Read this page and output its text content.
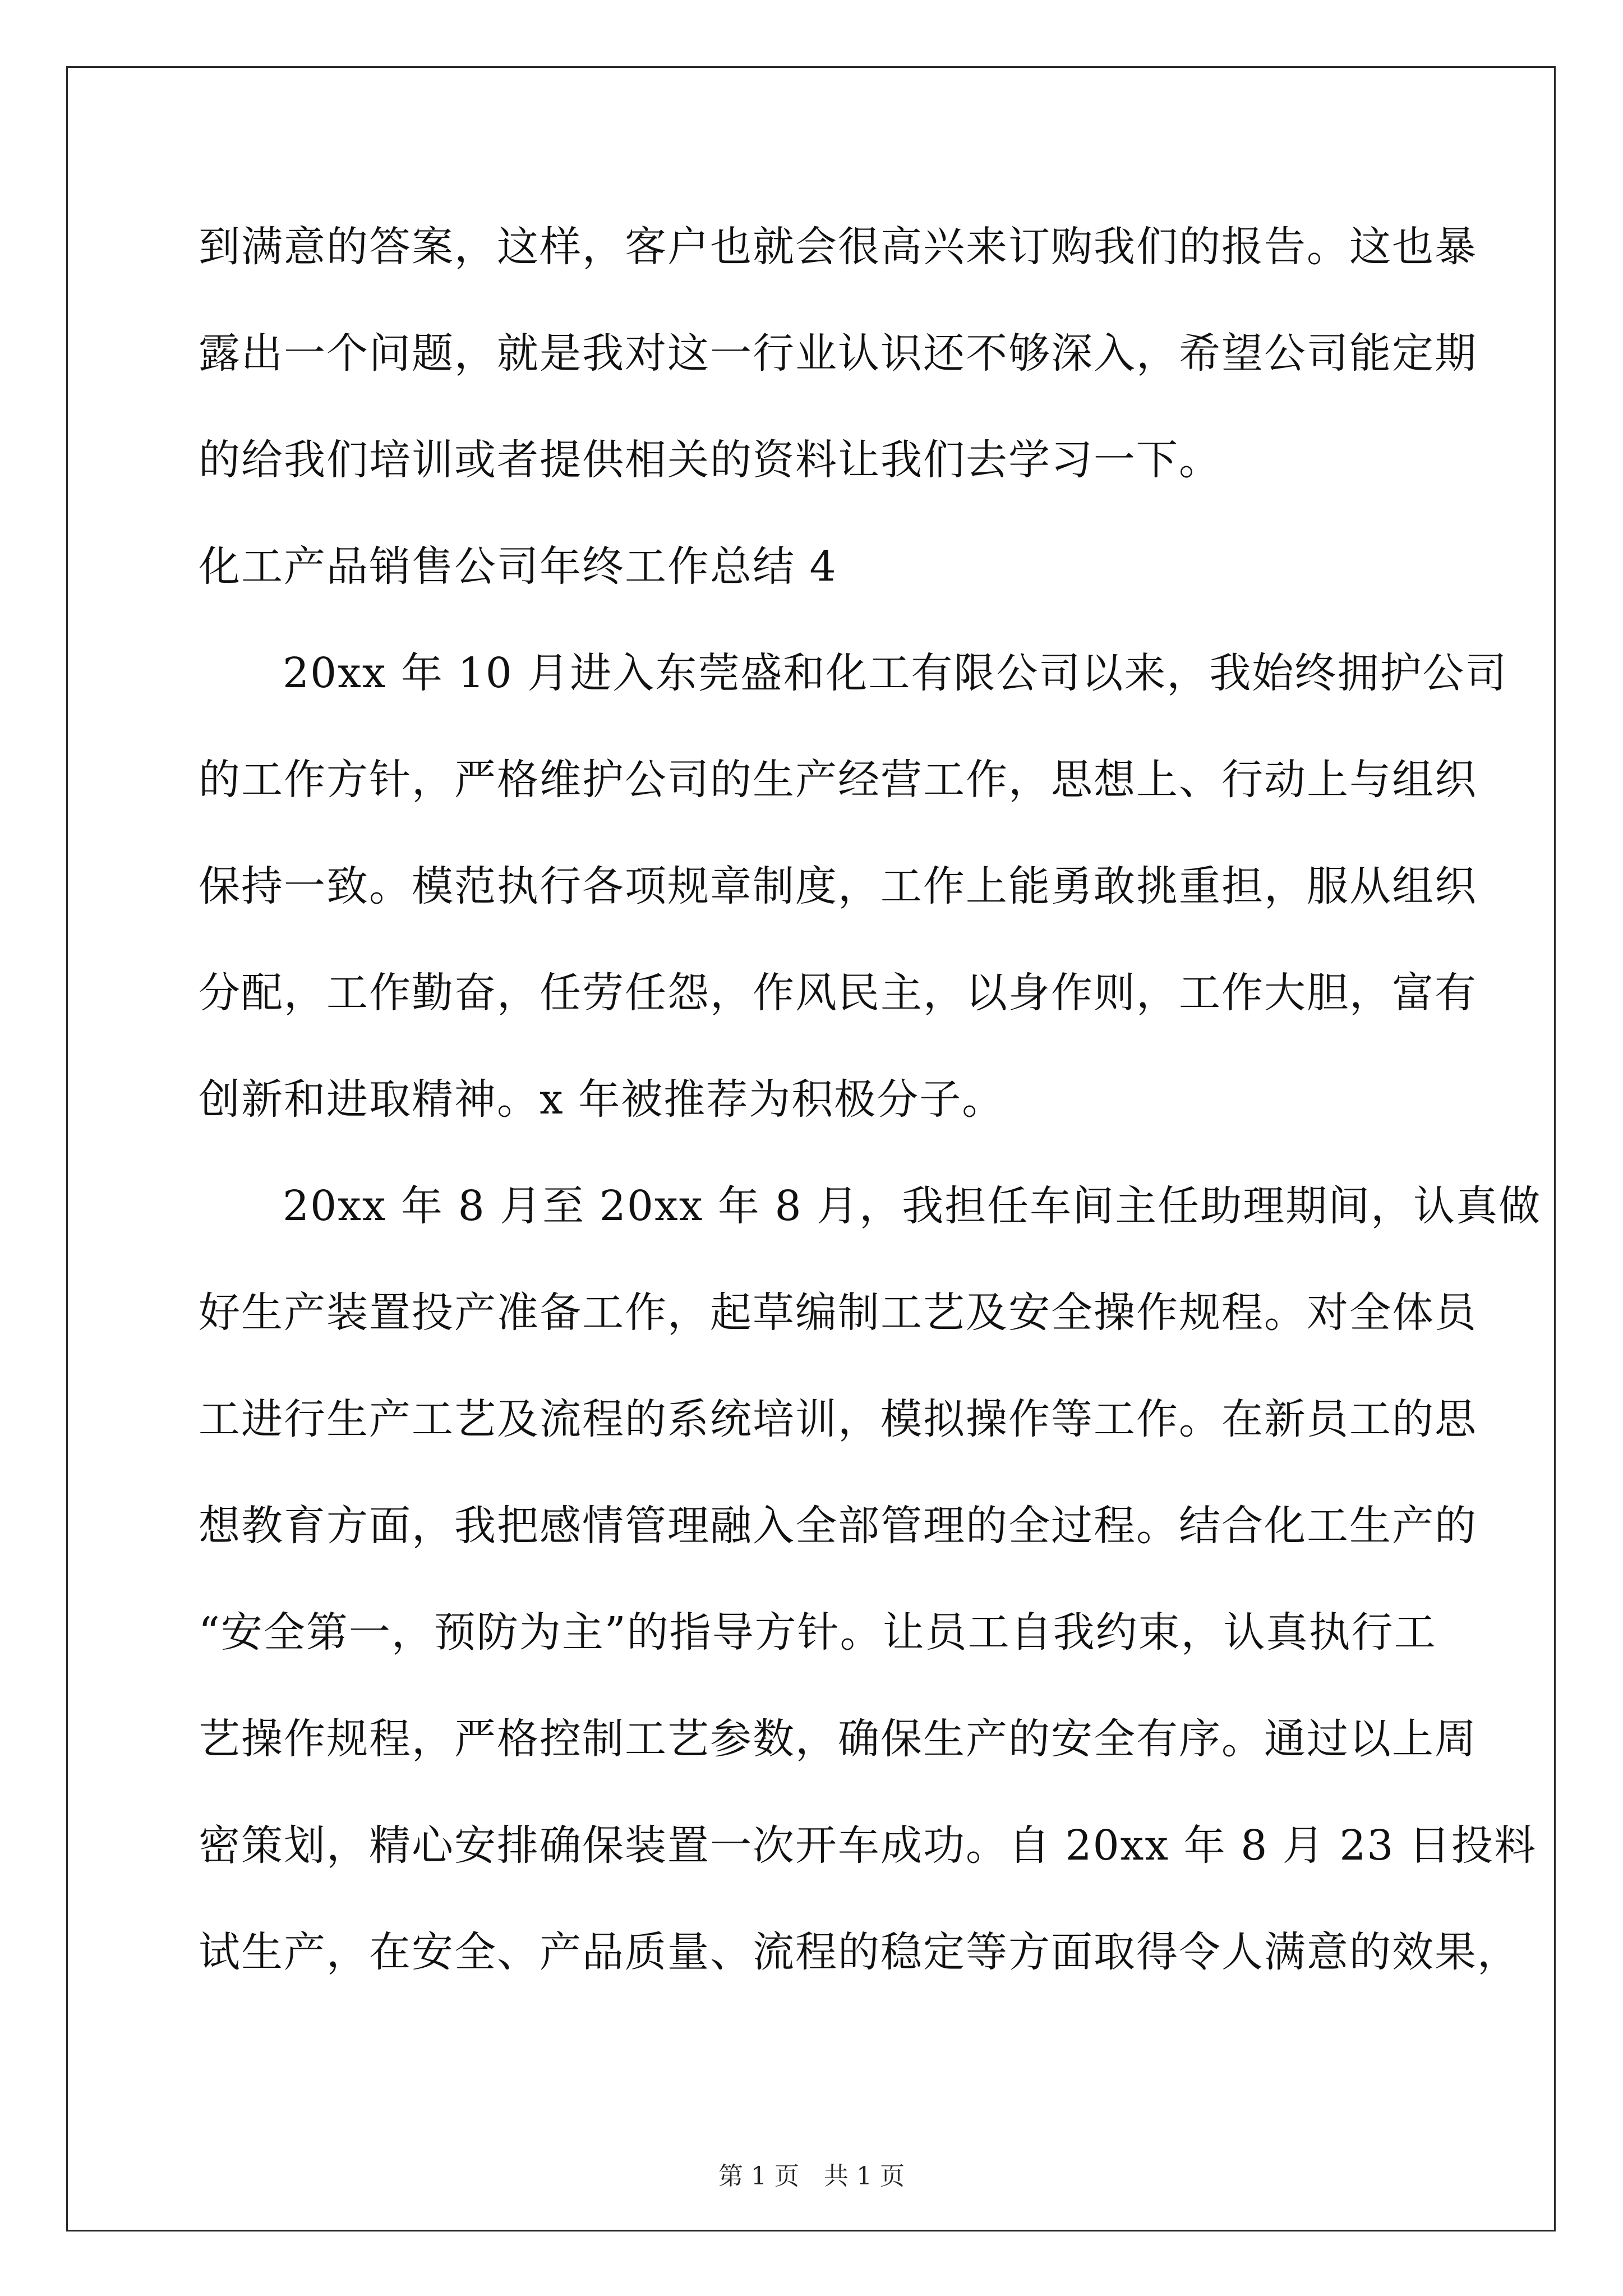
到满意的答案，这样，客户也就会很高兴来订购我们的报告。这也暴
露出一个问题，就是我对这一行业认识还不够深入，希望公司能定期
的给我们培训或者提供相关的资料让我们去学习一下。
化工产品销售公司年终工作总结 4
20xx 年 10 月进入东莞盛和化工有限公司以来，我始终拥护公司
的工作方针，严格维护公司的生产经营工作，思想上、行动上与组织
保持一致。模范执行各项规章制度，工作上能勇敢挑重担，服从组织
分配，工作勤奋，任劳任怨，作风民主，以身作则，工作大胆，富有
创新和进取精神。x 年被推荐为积极分子。
20xx 年 8 月至 20xx 年 8 月，我担任车间主任助理期间，认真做
好生产装置投产准备工作，起草编制工艺及安全操作规程。对全体员
工进行生产工艺及流程的系统培训，模拟操作等工作。在新员工的思
想教育方面，我把感情管理融入全部管理的全过程。结合化工生产的
“安全第一，预防为主”的指导方针。让员工自我约束，认真执行工
艺操作规程，严格控制工艺参数，确保生产的安全有序。通过以上周
密策划，精心安排确保装置一次开车成功。自 20xx 年 8 月 23 日投料
试生产，在安全、产品质量、流程的稳定等方面取得令人满意的效果，
第 1 页　共 1 页
